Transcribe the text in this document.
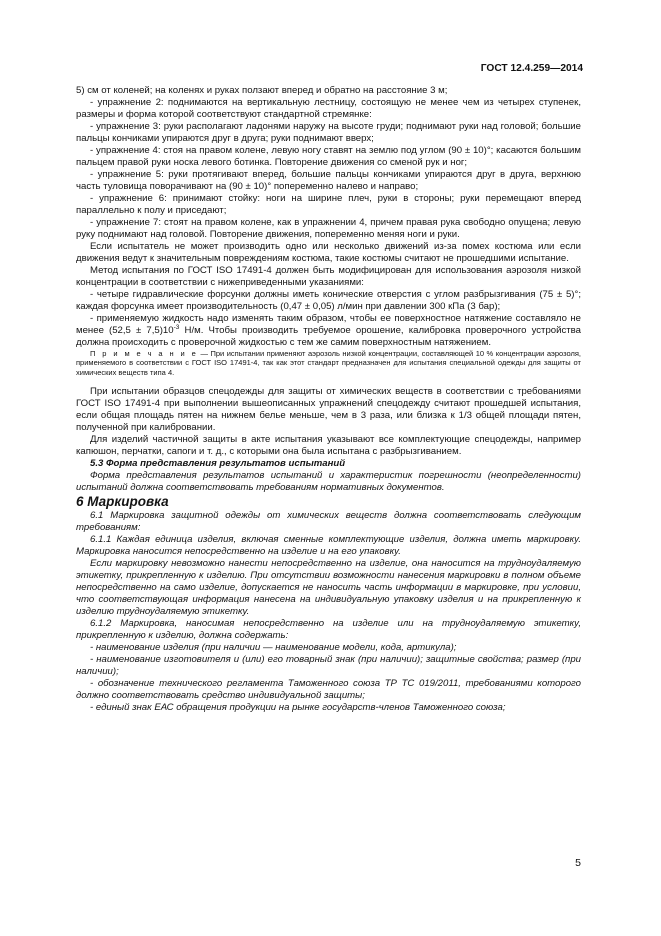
ГОСТ 12.4.259—2014

5) см от коленей; на коленях и руках ползают вперед и обратно на расстояние 3 м;

- упражнение 2: поднимаются на вертикальную лестницу, состоящую не менее чем из четырех ступенек, размеры и форма которой соответствуют стандартной стремянке:

- упражнение 3: руки располагают ладонями наружу на высоте груди; поднимают руки над головой; большие пальцы кончиками упираются друг в друга; руки поднимают вверх;

- упражнение 4: стоя на правом колене, левую ногу ставят на землю под углом (90 ± 10)°; касаются большим пальцем правой руки носка левого ботинка. Повторение движения со сменой рук и ног;

- упражнение 5: руки протягивают вперед, большие пальцы кончиками упираются друг в друга, верхнюю часть туловища поворачивают на (90 ± 10)° попеременно налево и направо;

- упражнение 6: принимают стойку: ноги на ширине плеч, руки в стороны; руки перемещают вперед параллельно к полу и приседают;

- упражнение 7: стоят на правом колене, как в упражнении 4, причем правая рука свободно опущена; левую руку поднимают над головой. Повторение движения, попеременно меняя ноги и руки.

Если испытатель не может производить одно или несколько движений из-за помех костюма или если движения ведут к значительным повреждениям костюма, такие костюмы считают не прошедшими испытание.

Метод испытания по ГОСТ ISO 17491-4 должен быть модифицирован для использования аэрозоля низкой концентрации в соответствии с нижеприведенными указаниями:

- четыре гидравлические форсунки должны иметь конические отверстия с углом разбрызгивания (75 ± 5)°; каждая форсунка имеет производительность (0,47 ± 0,05) л/мин при давлении 300 кПа (3 бар);

- применяемую жидкость надо изменять таким образом, чтобы ее поверхностное натяжение составляло не менее $(52,5 \pm 7,5)10^{-3}$ Н/м. Чтобы производить требуемое орошение, калибровка проверочного устройства должна происходить с проверочной жидкостью с тем же самим поверхностным натяжением.

П р и м е ч а н и е — При испытании применяют аэрозоль низкой концентрации, составляющей 10 % концентрации аэрозоля, применяемого в соответствии с ГОСТ ISO 17491-4, так как этот стандарт предназначен для испытания специальной одежды для защиты от химических веществ типа 4.

При испытании образцов спецодежды для защиты от химических веществ в соответствии с требованиями ГОСТ ISO 17491-4 при выполнении вышеописанных упражнений спецодежду считают прошедшей испытания, если общая площадь пятен на нижнем белье меньше, чем в 3 раза, или близка к 1/3 общей площади пятен, полученной при калибровании.

Для изделий частичной защиты в акте испытания указывают все комплектующие спецодежды, например капюшон, перчатки, сапоги и т. д., с которыми она была испытана с разбрызгиванием.

5.3 Форма представления результатов испытаний

Форма представления результатов испытаний и характеристик погрешности (неопределенности) испытаний должна соответствовать требованиям нормативных документов.

6 Маркировка

6.1 Маркировка защитной одежды от химических веществ должна соответствовать следующим требованиям:

6.1.1 Каждая единица изделия, включая сменные комплектующие изделия, должна иметь маркировку. Маркировка наносится непосредственно на изделие и на его упаковку.

Если маркировку невозможно нанести непосредственно на изделие, она наносится на трудноудаляемую этикетку, прикрепленную к изделию. При отсутствии возможности нанесения маркировки в полном объеме непосредственно на само изделие, допускается не наносить часть информации в маркировке, при условии, что соответствующая информация нанесена на индивидуальную упаковку изделия и на прикрепленную к изделию трудноудаляемую этикетку.

6.1.2 Маркировка, наносимая непосредственно на изделие или на трудноудаляемую этикетку, прикрепленную к изделию, должна содержать:

- наименование изделия (при наличии — наименование модели, кода, артикула);

- наименование изготовителя и (или) его товарный знак (при наличии); защитные свойства; размер (при наличии);

- обозначение технического регламента Таможенного союза ТР ТС 019/2011, требованиями которого должно соответствовать средство индивидуальной защиты;

- единый знак ЕАС обращения продукции на рынке государств-членов Таможенного союза;

5
